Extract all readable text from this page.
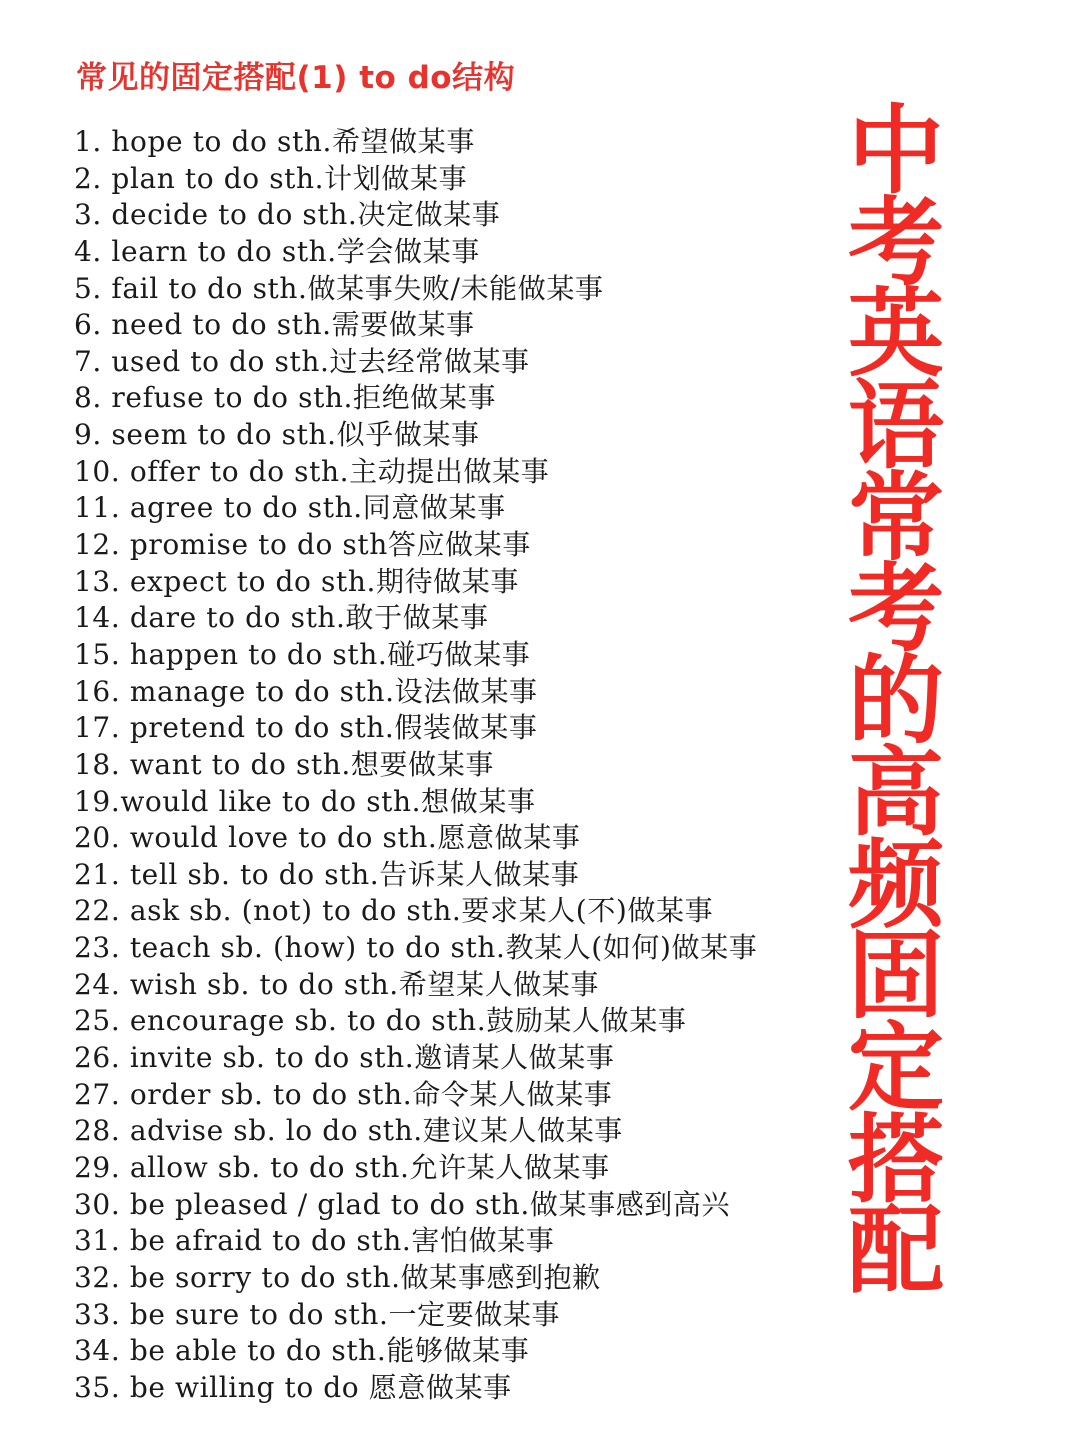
常见的固定搭配(1) to do结构
1. hope to do sth.希望做某事
2. plan to do sth.计划做某事
3. decide to do sth.决定做某事
4. learn to do sth.学会做某事
5. fail to do sth.做某事失败/未能做某事
6. need to do sth.需要做某事
7. used to do sth.过去经常做某事
8. refuse to do sth.拒绝做某事
9. seem to do sth.似乎做某事
10. offer to do sth.主动提出做某事
11. agree to do sth.同意做某事
12. promise to do sth答应做某事
13. expect to do sth.期待做某事
14. dare to do sth.敢于做某事
15. happen to do sth.碰巧做某事
16. manage to do sth.设法做某事
17. pretend to do sth.假装做某事
18. want to do sth.想要做某事
19.would like to do sth.想做某事
20. would love to do sth.愿意做某事
21. tell sb. to do sth.告诉某人做某事
22. ask sb. (not) to do sth.要求某人(不)做某事
23. teach sb. (how) to do sth.教某人(如何)做某事
24. wish sb. to do sth.希望某人做某事
25. encourage sb. to do sth.鼓励某人做某事
26. invite sb. to do sth.邀请某人做某事
27. order sb. to do sth.命令某人做某事
28. advise sb. lo do sth.建议某人做某事
29. allow sb. to do sth.允许某人做某事
30. be pleased / glad to do sth.做某事感到高兴
31. be afraid to do sth.害怕做某事
32. be sorry to do sth.做某事感到抱歉
33. be sure to do sth.一定要做某事
34. be able to do sth.能够做某事
35. be willing to do 愿意做某事
中
考
英
语
常
考
的
高
频
固
定
搭
配
